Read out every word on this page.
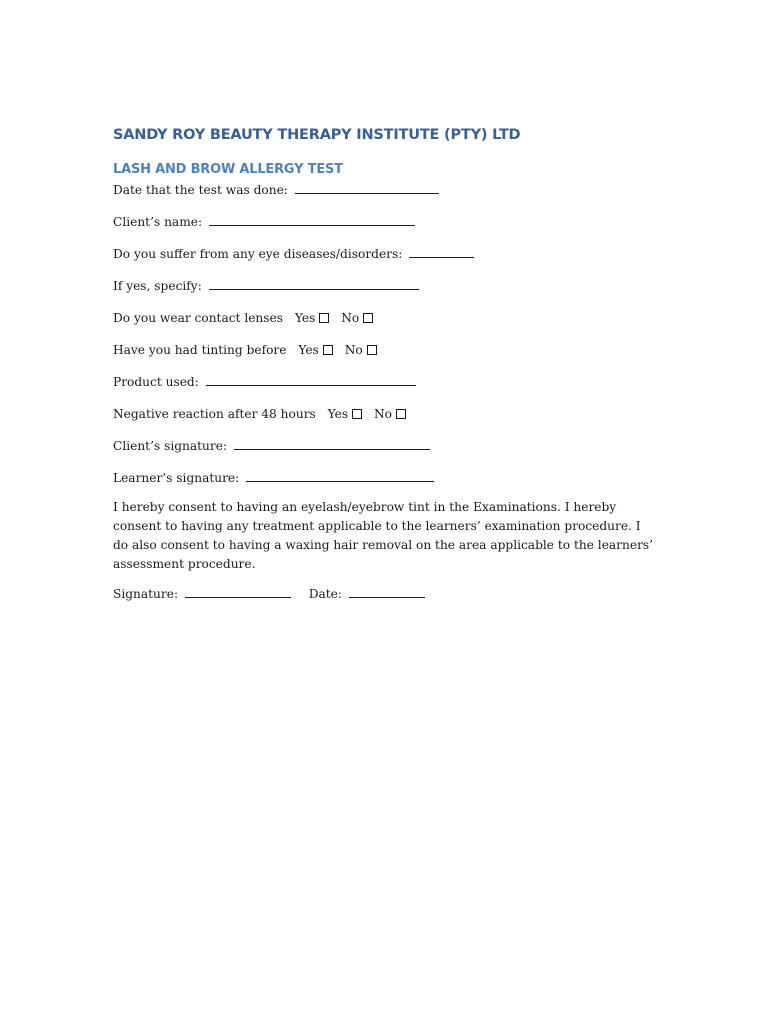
SANDY ROY BEAUTY THERAPY INSTITUTE (PTY) LTD
LASH AND BROW ALLERGY TEST
Date that the test was done:
Client’s name:
Do you suffer from any eye diseases/disorders:
If yes, specify:
Do you wear contact lenses Yes No
Have you had tinting before Yes No
Product used:
Negative reaction after 48 hours Yes No
Client’s signature:
Learner’s signature:

I hereby consent to having an eyelash/eyebrow tint in the Examinations. I hereby consent to having any treatment applicable to the learners’ examination procedure. I do also consent to having a waxing hair removal on the area applicable to the learners’ assessment procedure.

Signature:	Date:
